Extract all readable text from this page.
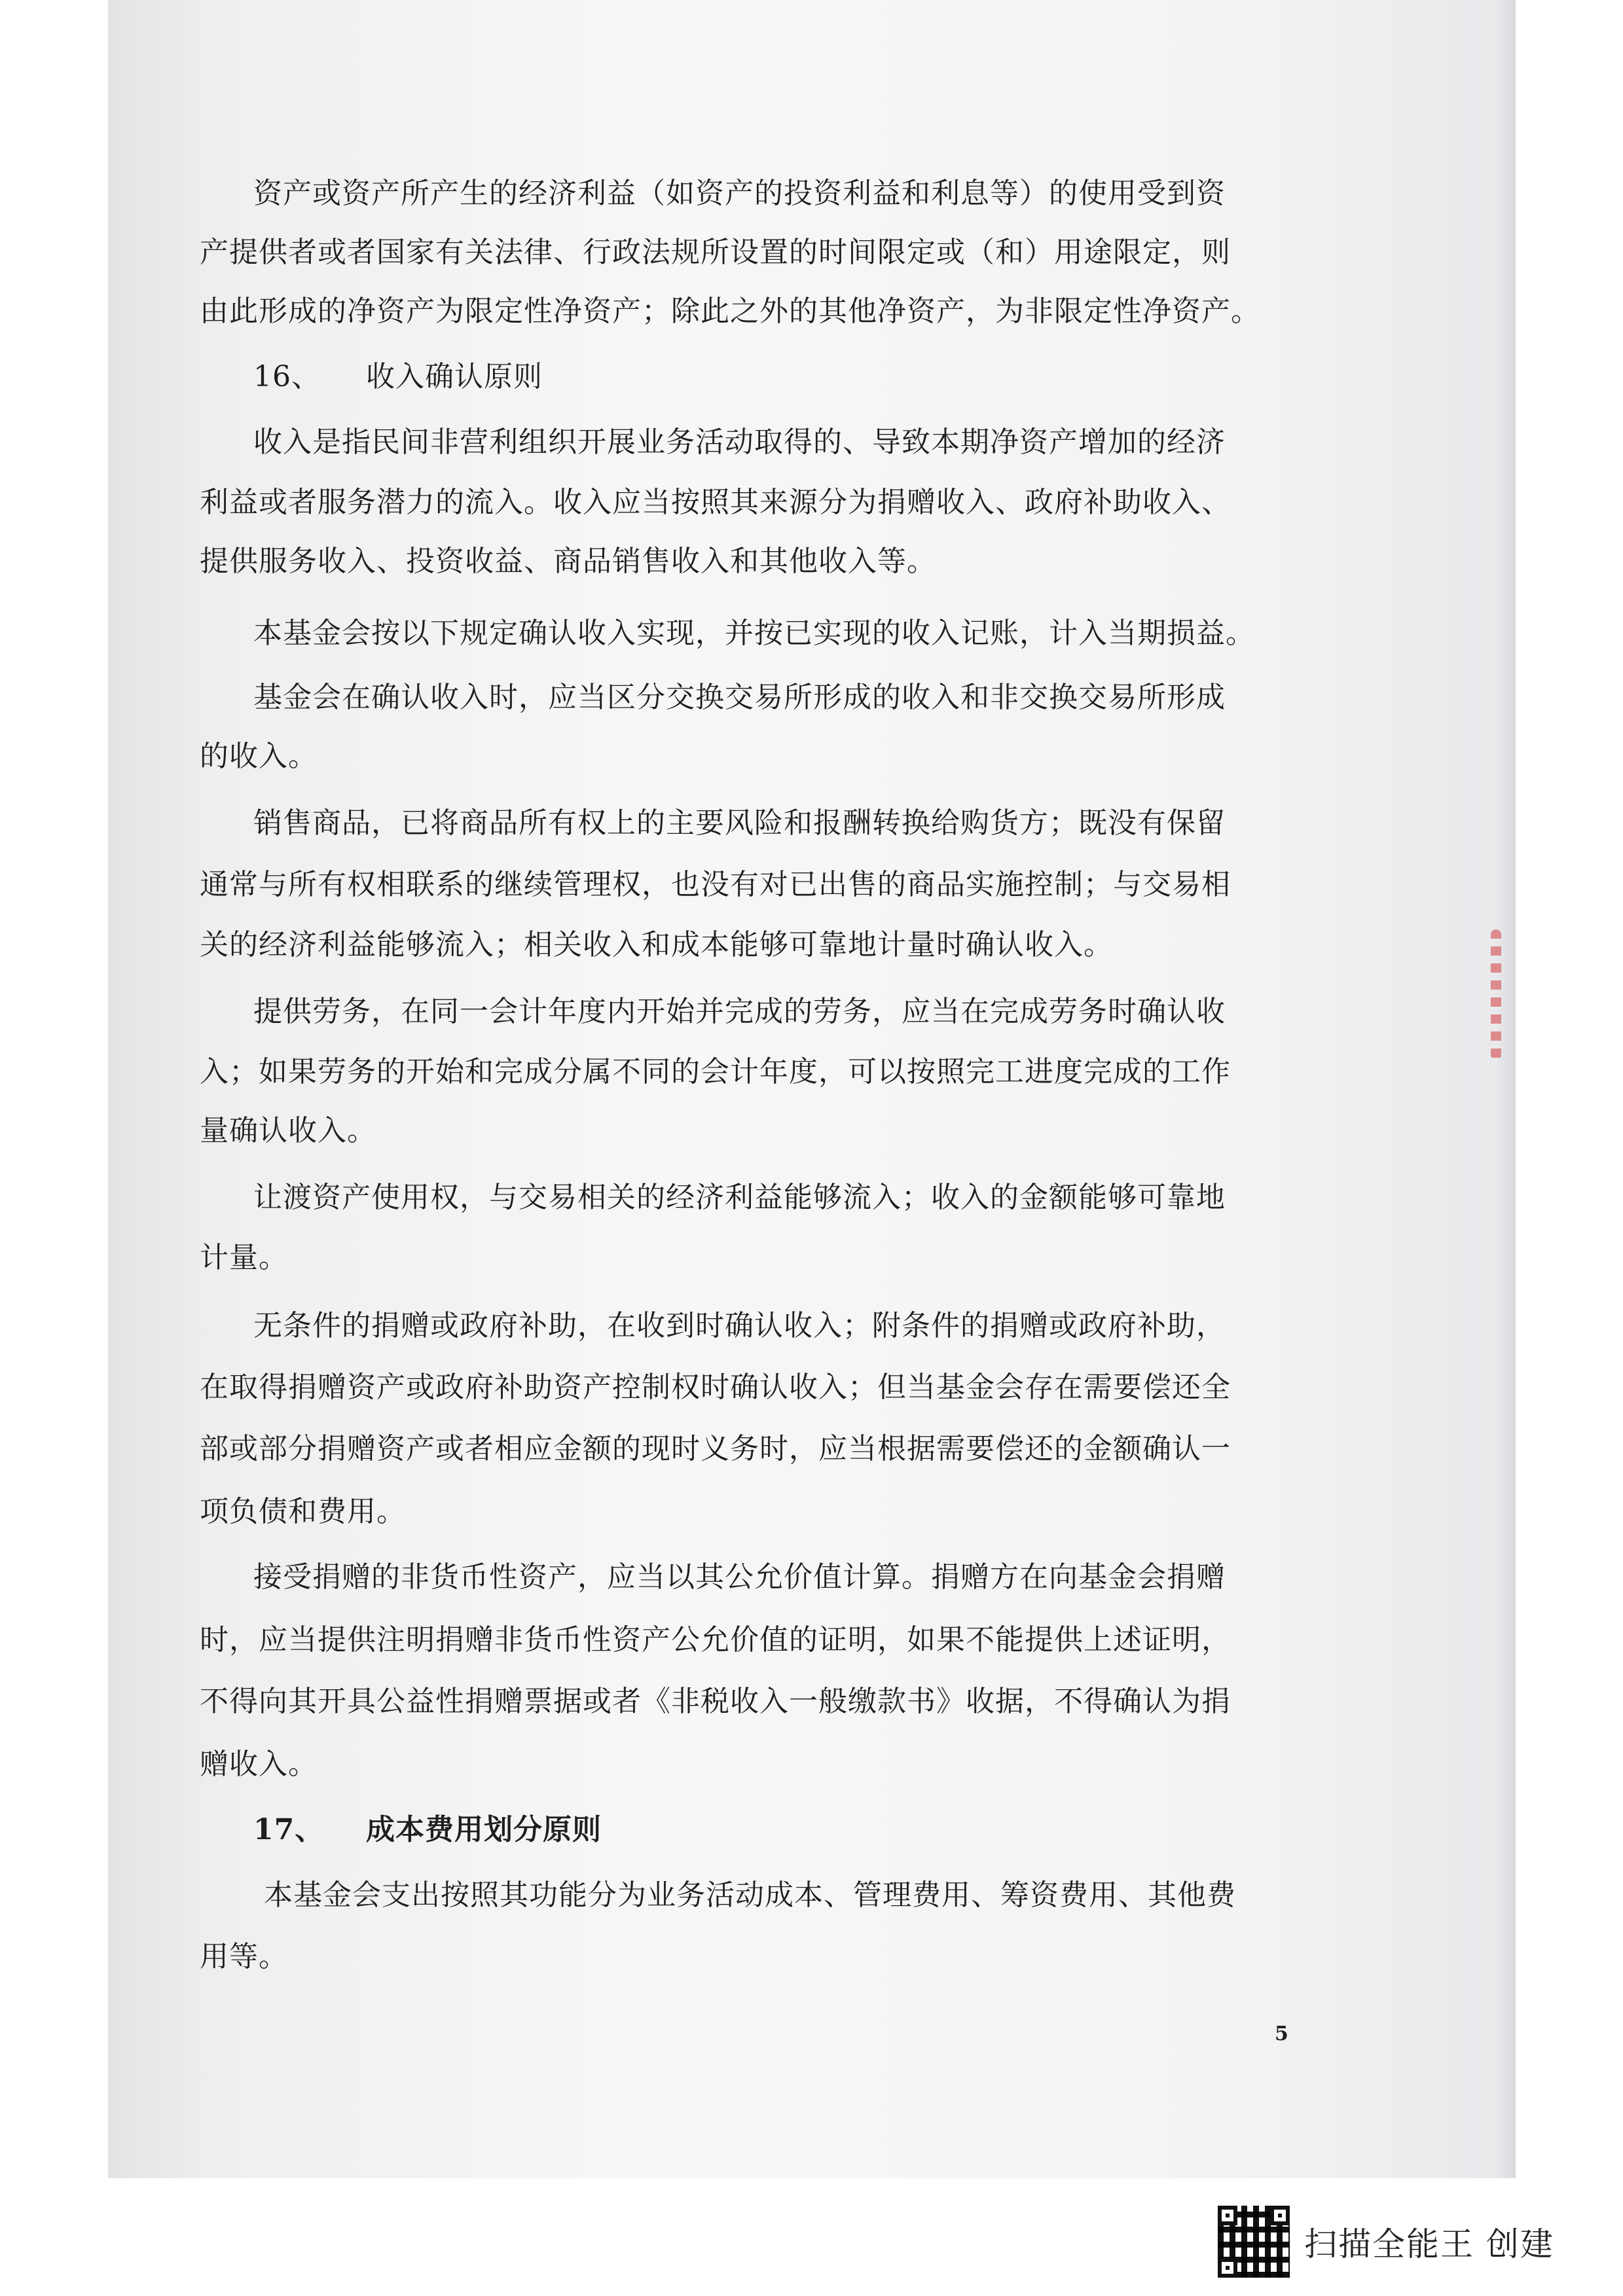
资产或资产所产生的经济利益（如资产的投资利益和利息等）的使用受到资
产提供者或者国家有关法律、行政法规所设置的时间限定或（和）用途限定，则
由此形成的净资产为限定性净资产；除此之外的其他净资产，为非限定性净资产。
16、 收入确认原则
收入是指民间非营利组织开展业务活动取得的、导致本期净资产增加的经济
利益或者服务潜力的流入。收入应当按照其来源分为捐赠收入、政府补助收入、
提供服务收入、投资收益、商品销售收入和其他收入等。
本基金会按以下规定确认收入实现，并按已实现的收入记账，计入当期损益。
基金会在确认收入时，应当区分交换交易所形成的收入和非交换交易所形成
的收入。
销售商品，已将商品所有权上的主要风险和报酬转换给购货方；既没有保留
通常与所有权相联系的继续管理权，也没有对已出售的商品实施控制；与交易相
关的经济利益能够流入；相关收入和成本能够可靠地计量时确认收入。
提供劳务，在同一会计年度内开始并完成的劳务，应当在完成劳务时确认收
入；如果劳务的开始和完成分属不同的会计年度，可以按照完工进度完成的工作
量确认收入。
让渡资产使用权，与交易相关的经济利益能够流入；收入的金额能够可靠地
计量。
无条件的捐赠或政府补助，在收到时确认收入；附条件的捐赠或政府补助，
在取得捐赠资产或政府补助资产控制权时确认收入；但当基金会存在需要偿还全
部或部分捐赠资产或者相应金额的现时义务时，应当根据需要偿还的金额确认一
项负债和费用。
接受捐赠的非货币性资产，应当以其公允价值计算。捐赠方在向基金会捐赠
时，应当提供注明捐赠非货币性资产公允价值的证明，如果不能提供上述证明，
不得向其开具公益性捐赠票据或者《非税收入一般缴款书》收据，不得确认为捐
赠收入。
17、 成本费用划分原则
本基金会支出按照其功能分为业务活动成本、管理费用、筹资费用、其他费
用等。
5
扫描全能王 创建
